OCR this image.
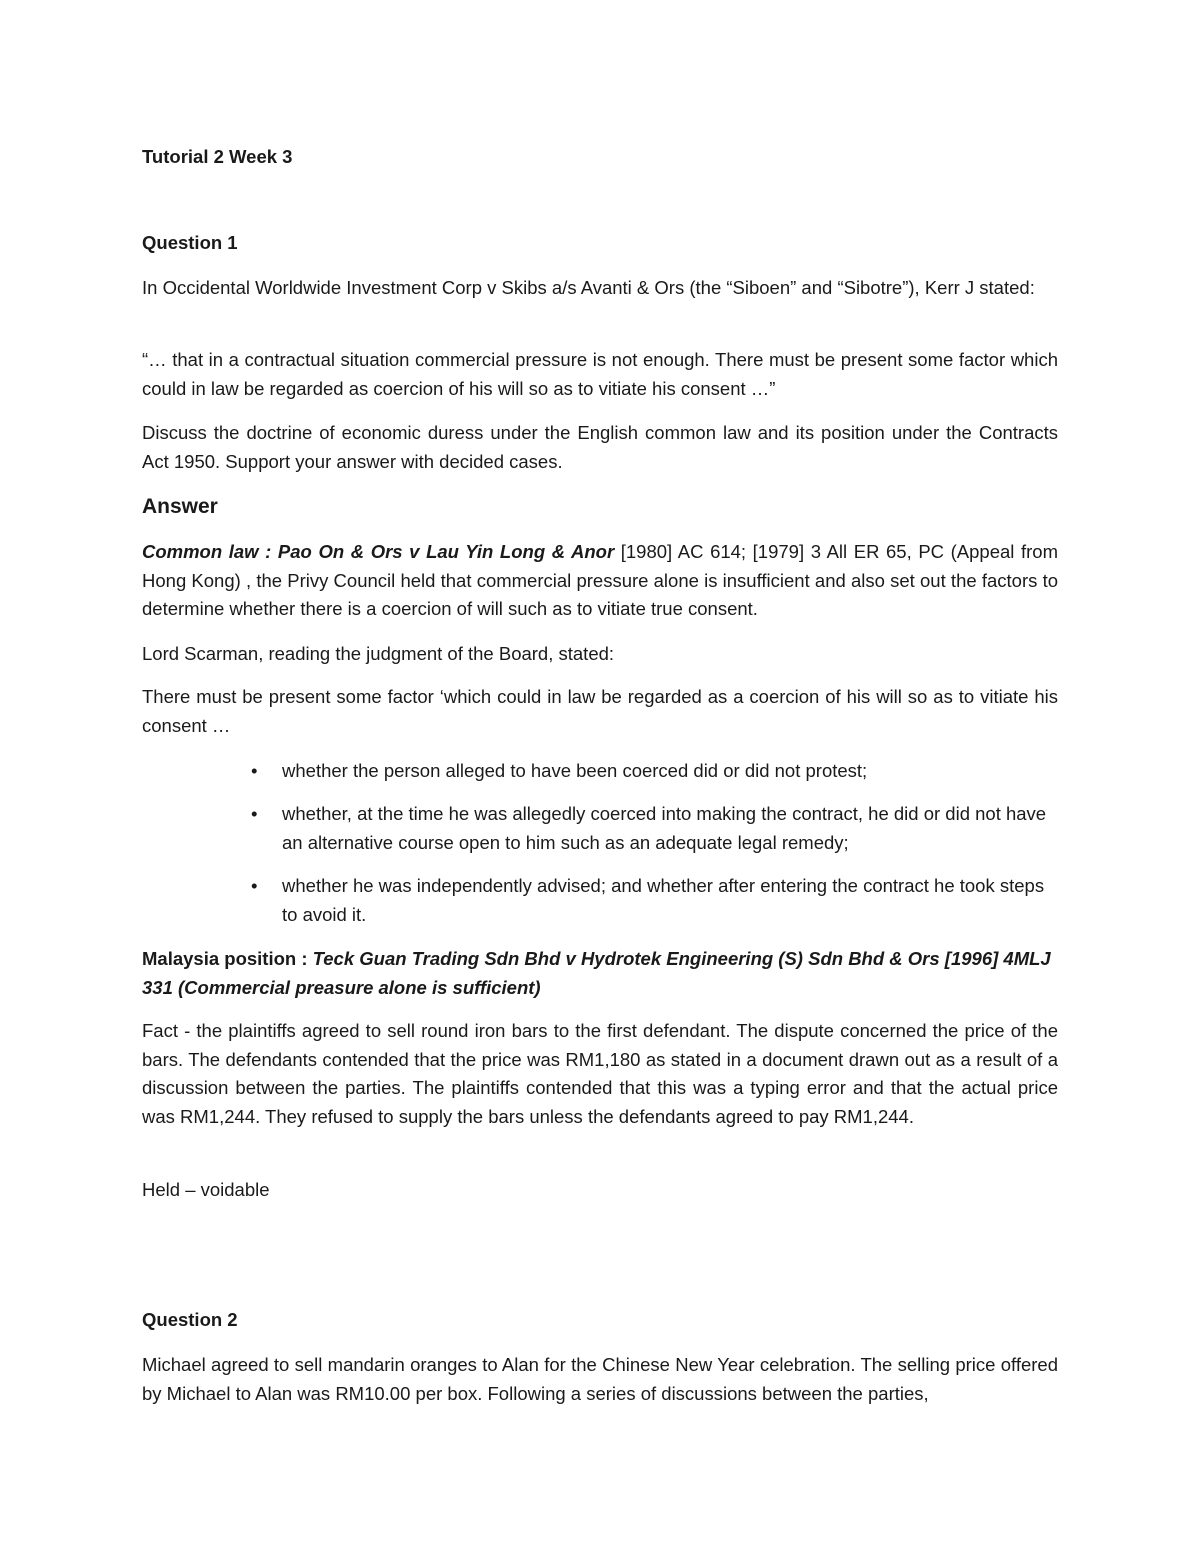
Tutorial 2 Week 3

Question 1

In Occidental Worldwide Investment Corp v Skibs a/s Avanti & Ors (the “Siboen” and “Sibotre”), Kerr J stated:

“… that in a contractual situation commercial pressure is not enough. There must be present some factor which could in law be regarded as coercion of his will so as to vitiate his consent …”

Discuss the doctrine of economic duress under the English common law and its position under the Contracts Act 1950. Support your answer with decided cases.

Answer

Common law : Pao On & Ors v Lau Yin Long & Anor [1980] AC 614; [1979] 3 All ER 65, PC (Appeal from Hong Kong) , the Privy Council held that commercial pressure alone is insufficient and also set out the factors to determine whether there is a coercion of will such as to vitiate true consent.

Lord Scarman, reading the judgment of the Board, stated:

There must be present some factor ‘which could in law be regarded as a coercion of his will so as to vitiate his consent …

• whether the person alleged to have been coerced did or did not protest;
• whether, at the time he was allegedly coerced into making the contract, he did or did not have an alternative course open to him such as an adequate legal remedy;
• whether he was independently advised; and whether after entering the contract he took steps to avoid it.

Malaysia position : Teck Guan Trading Sdn Bhd v Hydrotek Engineering (S) Sdn Bhd & Ors [1996] 4MLJ 331 (Commercial preasure alone is sufficient)

Fact - the plaintiffs agreed to sell round iron bars to the first defendant. The dispute concerned the price of the bars. The defendants contended that the price was RM1,180 as stated in a document drawn out as a result of a discussion between the parties. The plaintiffs contended that this was a typing error and that the actual price was RM1,244. They refused to supply the bars unless the defendants agreed to pay RM1,244.

Held – voidable

Question 2

Michael agreed to sell mandarin oranges to Alan for the Chinese New Year celebration. The selling price offered by Michael to Alan was RM10.00 per box. Following a series of discussions between the parties,
